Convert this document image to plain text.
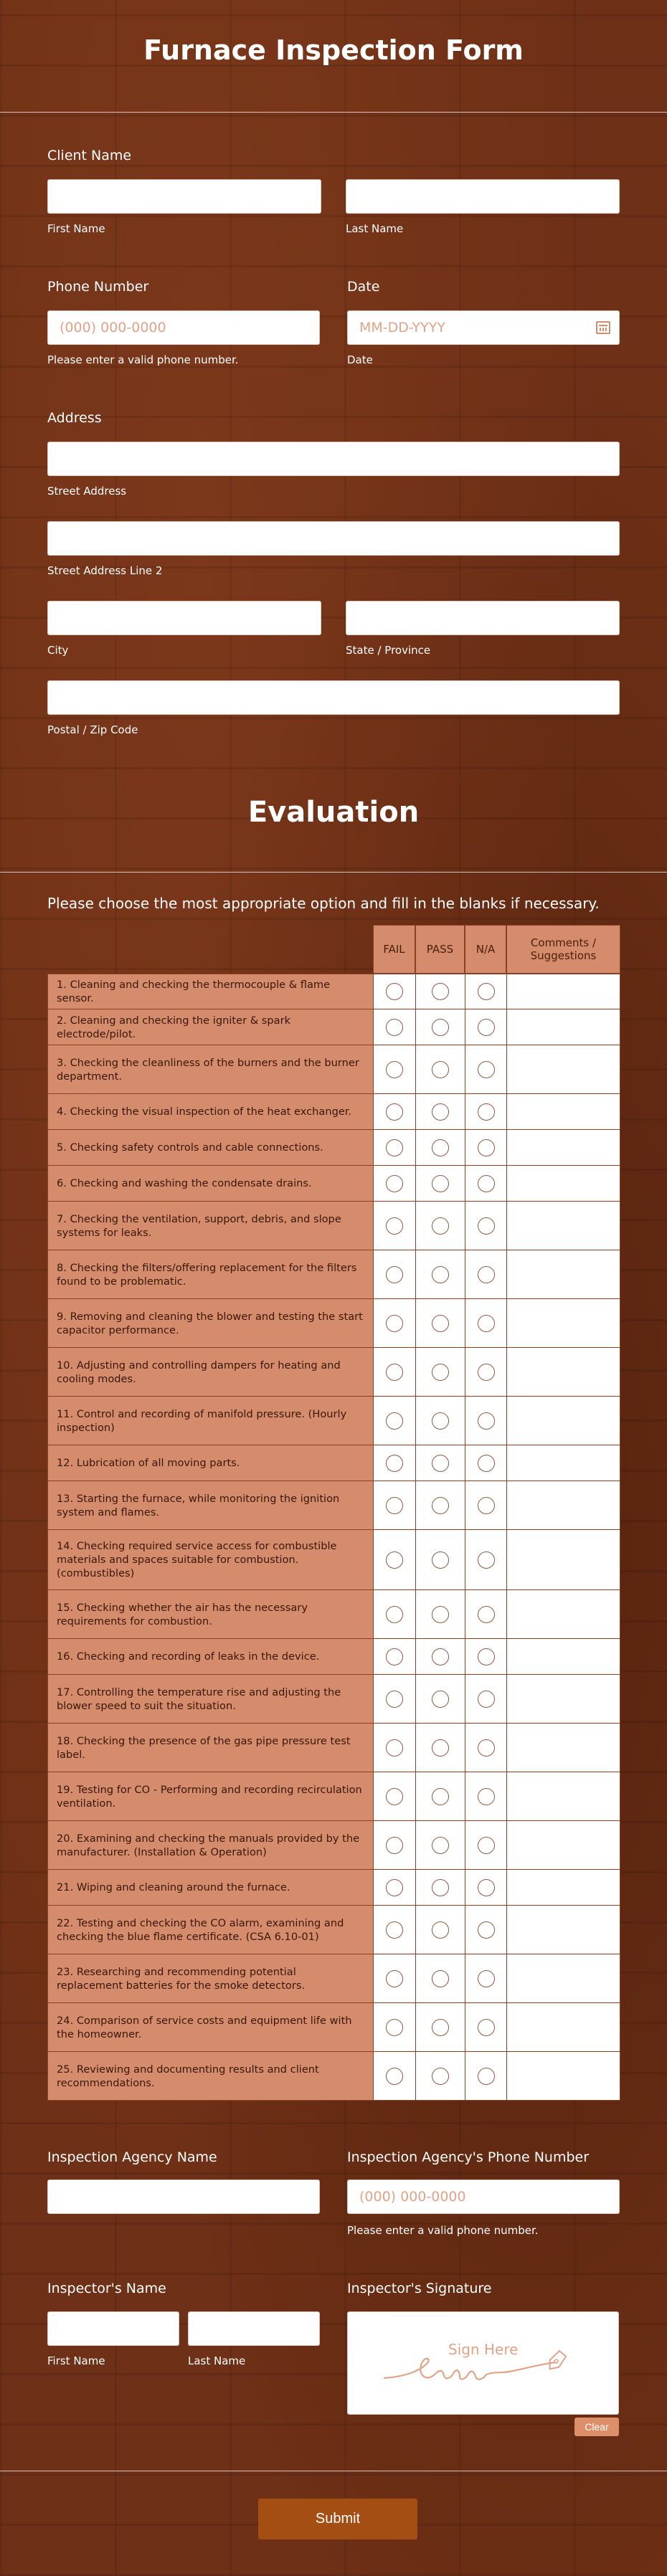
Furnace Inspection Form
Client Name
First Name	Last Name
Phone Number
(000) 000-0000
Please enter a valid phone number.
Date
MM-DD-YYYY
Date
Address
Street Address
Street Address Line 2
City	State / Province
Postal / Zip Code
Evaluation
Please choose the most appropriate option and fill in the blanks if necessary.
FAIL	PASS	N/A	Comments / Suggestions
1. Cleaning and checking the thermocouple & flame sensor.
2. Cleaning and checking the igniter & spark electrode/pilot.
3. Checking the cleanliness of the burners and the burner department.
4. Checking the visual inspection of the heat exchanger.
5. Checking safety controls and cable connections.
6. Checking and washing the condensate drains.
7. Checking the ventilation, support, debris, and slope systems for leaks.
8. Checking the filters/offering replacement for the filters found to be problematic.
9. Removing and cleaning the blower and testing the start capacitor performance.
10. Adjusting and controlling dampers for heating and cooling modes.
11. Control and recording of manifold pressure. (Hourly inspection)
12. Lubrication of all moving parts.
13. Starting the furnace, while monitoring the ignition system and flames.
14. Checking required service access for combustible materials and spaces suitable for combustion. (combustibles)
15. Checking whether the air has the necessary requirements for combustion.
16. Checking and recording of leaks in the device.
17. Controlling the temperature rise and adjusting the blower speed to suit the situation.
18. Checking the presence of the gas pipe pressure test label.
19. Testing for CO - Performing and recording recirculation ventilation.
20. Examining and checking the manuals provided by the manufacturer. (Installation & Operation)
21. Wiping and cleaning around the furnace.
22. Testing and checking the CO alarm, examining and checking the blue flame certificate. (CSA 6.10-01)
23. Researching and recommending potential replacement batteries for the smoke detectors.
24. Comparison of service costs and equipment life with the homeowner.
25. Reviewing and documenting results and client recommendations.
Inspection Agency Name	Inspection Agency's Phone Number
(000) 000-0000
Please enter a valid phone number.
Inspector's Name
First Name	Last Name
Inspector's Signature
Sign Here
Clear
Submit
